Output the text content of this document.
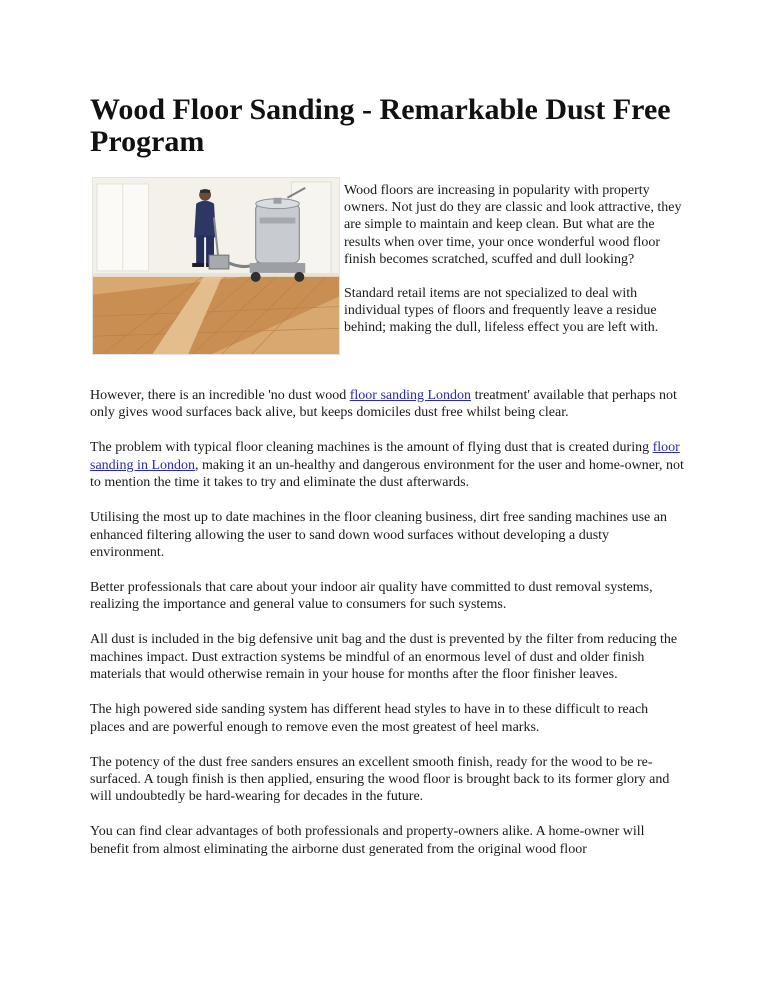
Wood Floor Sanding - Remarkable Dust Free Program

Wood floors are increasing in popularity with property owners. Not just do they are classic and look attractive, they are simple to maintain and keep clean. But what are the results when over time, your once wonderful wood floor finish becomes scratched, scuffed and dull looking?

Standard retail items are not specialized to deal with individual types of floors and frequently leave a residue behind; making the dull, lifeless effect you are left with.

However, there is an incredible 'no dust wood floor sanding London treatment' available that perhaps not only gives wood surfaces back alive, but keeps domiciles dust free whilst being clear.

The problem with typical floor cleaning machines is the amount of flying dust that is created during floor sanding in London, making it an un-healthy and dangerous environment for the user and home-owner, not to mention the time it takes to try and eliminate the dust afterwards.

Utilising the most up to date machines in the floor cleaning business, dirt free sanding machines use an enhanced filtering allowing the user to sand down wood surfaces without developing a dusty environment.

Better professionals that care about your indoor air quality have committed to dust removal systems, realizing the importance and general value to consumers for such systems.

All dust is included in the big defensive unit bag and the dust is prevented by the filter from reducing the machines impact. Dust extraction systems be mindful of an enormous level of dust and older finish materials that would otherwise remain in your house for months after the floor finisher leaves.

The high powered side sanding system has different head styles to have in to these difficult to reach places and are powerful enough to remove even the most greatest of heel marks.

The potency of the dust free sanders ensures an excellent smooth finish, ready for the wood to be re-surfaced. A tough finish is then applied, ensuring the wood floor is brought back to its former glory and will undoubtedly be hard-wearing for decades in the future.

You can find clear advantages of both professionals and property-owners alike. A home-owner will benefit from almost eliminating the airborne dust generated from the original wood floor
